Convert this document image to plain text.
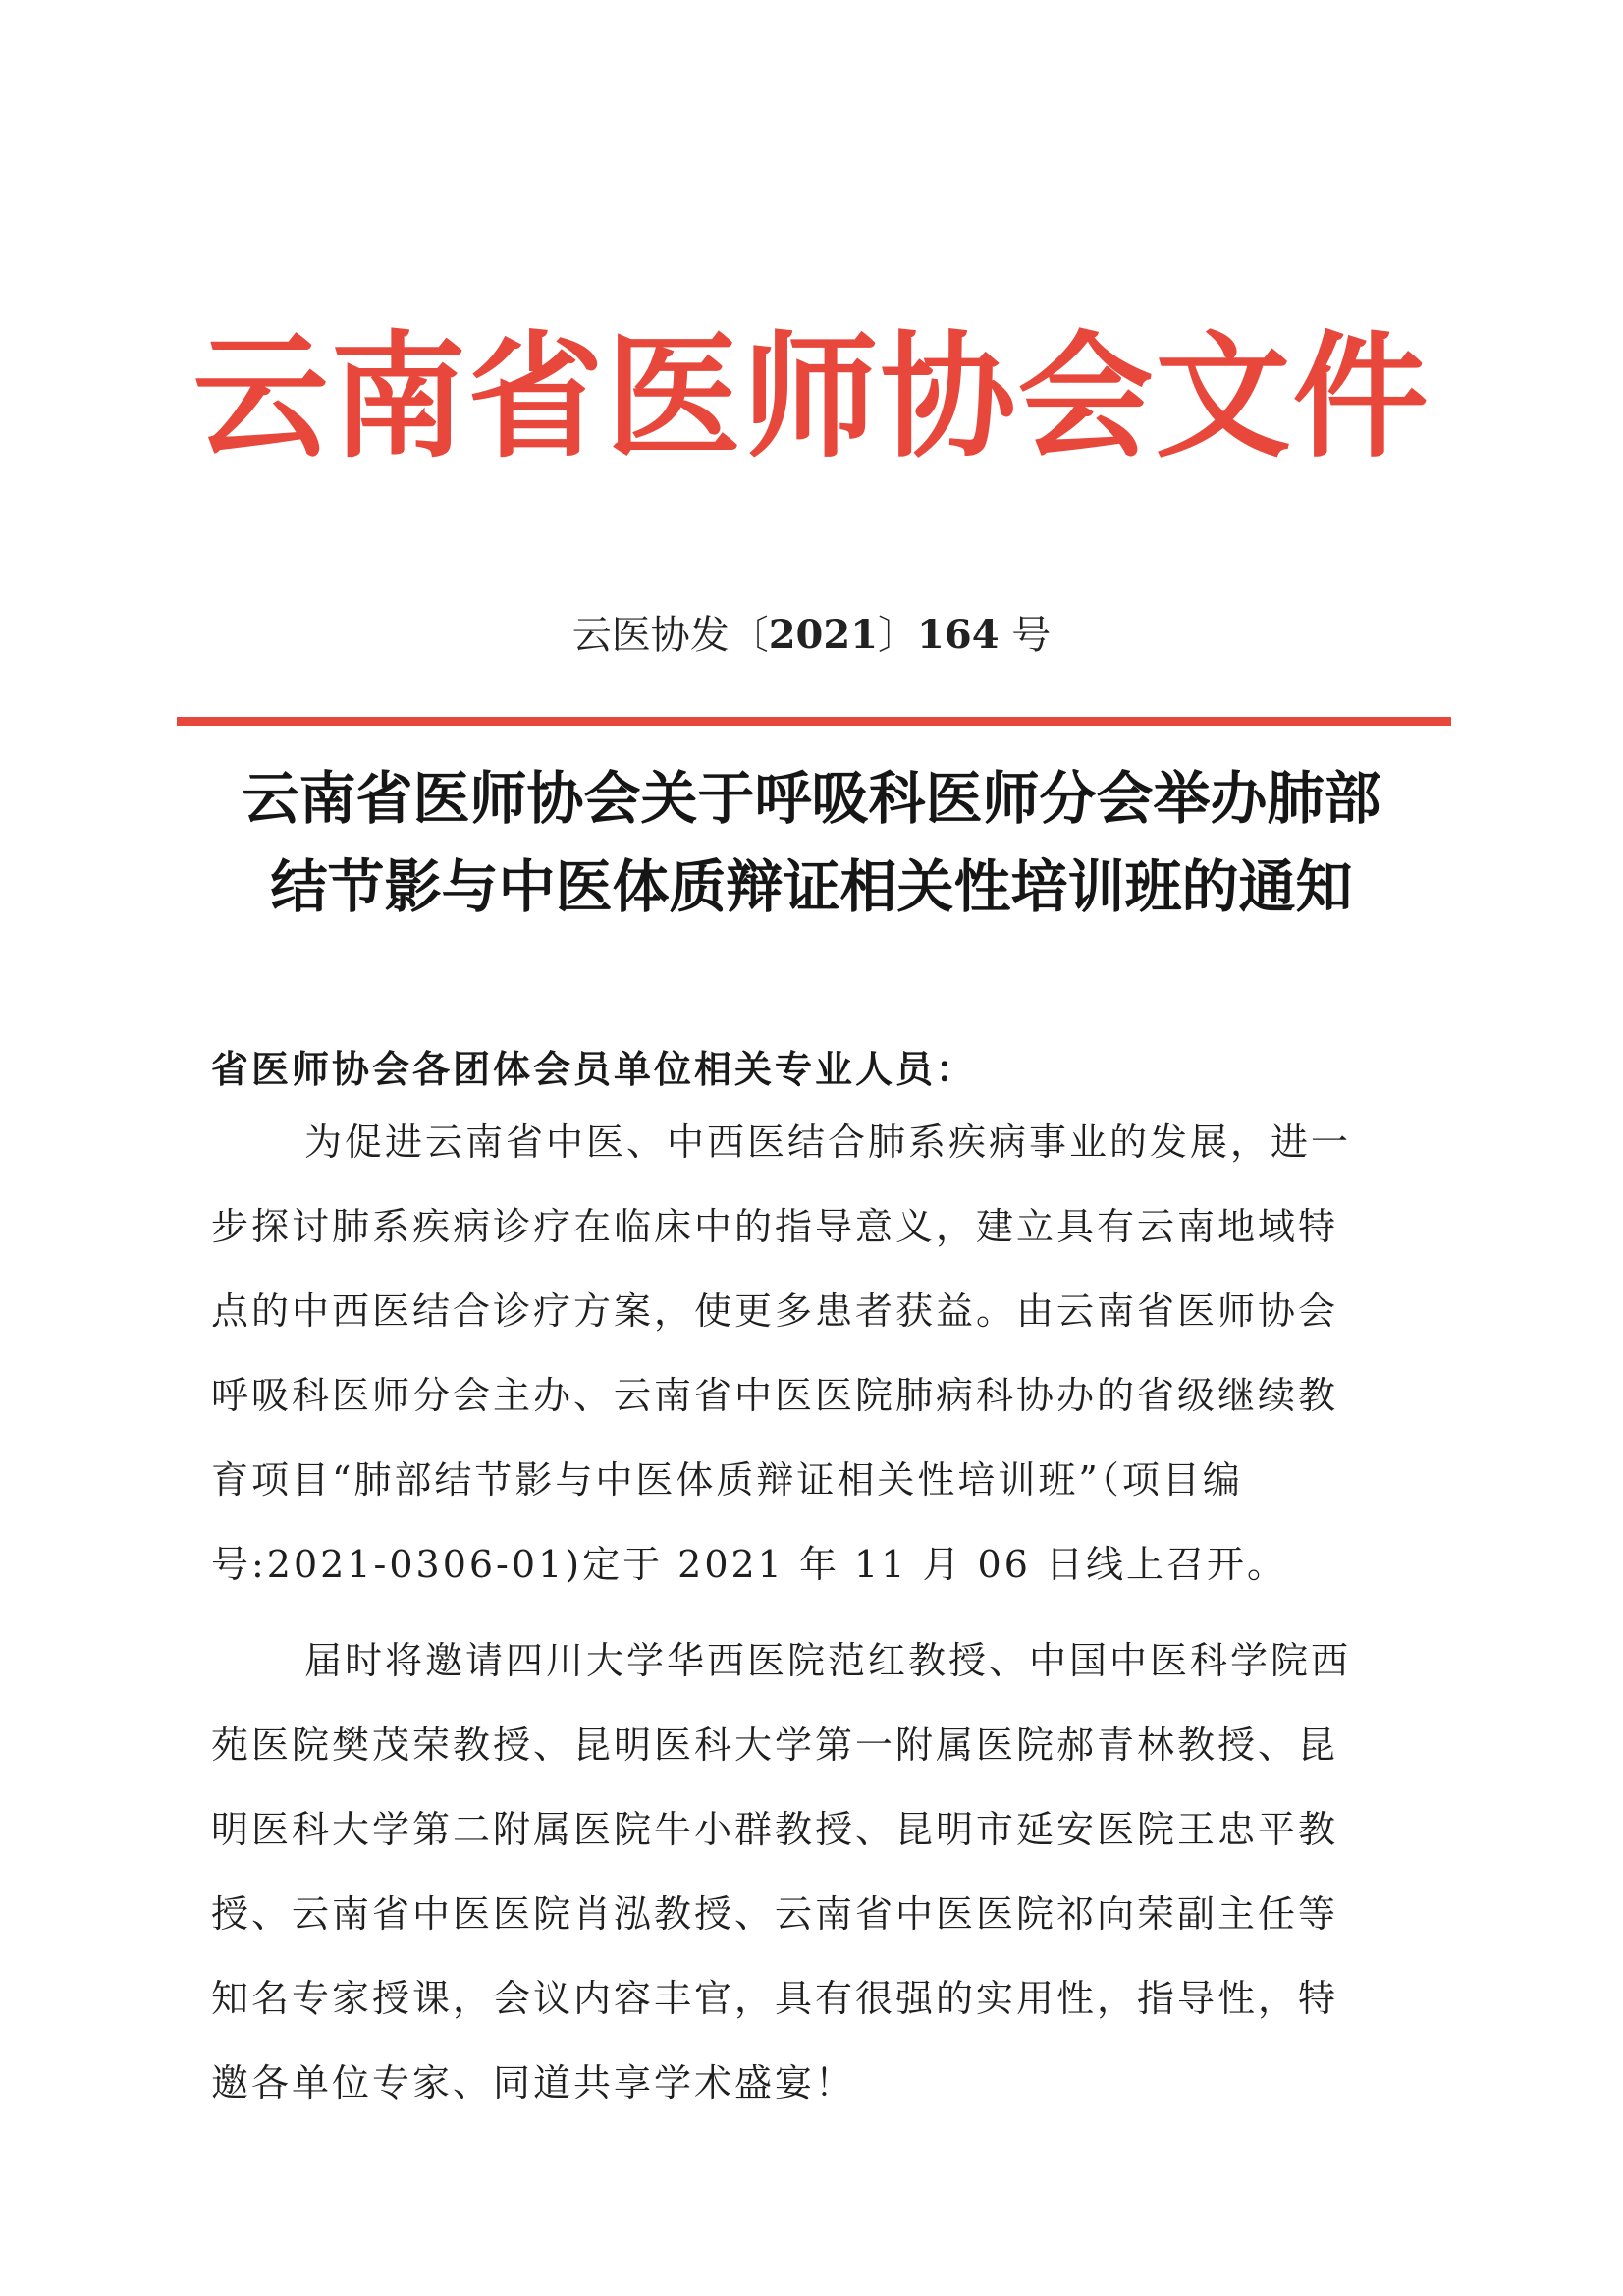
云南省医师协会文件
云医协发〔2021〕164 号
云南省医师协会关于呼吸科医师分会举办肺部
结节影与中医体质辩证相关性培训班的通知
省医师协会各团体会员单位相关专业人员：
为促进云南省中医、中西医结合肺系疾病事业的发展，进一
步探讨肺系疾病诊疗在临床中的指导意义，建立具有云南地域特
点的中西医结合诊疗方案，使更多患者获益。由云南省医师协会
呼吸科医师分会主办、云南省中医医院肺病科协办的省级继续教
育项目“肺部结节影与中医体质辩证相关性培训班”（项目编
号:2021-0306-01)定于 2021 年 11 月 06 日线上召开。
届时将邀请四川大学华西医院范红教授、中国中医科学院西
苑医院樊茂荣教授、昆明医科大学第一附属医院郝青林教授、昆
明医科大学第二附属医院牛小群教授、昆明市延安医院王忠平教
授、云南省中医医院肖泓教授、云南省中医医院祁向荣副主任等
知名专家授课，会议内容丰官，具有很强的实用性，指导性，特
邀各单位专家、同道共享学术盛宴！
